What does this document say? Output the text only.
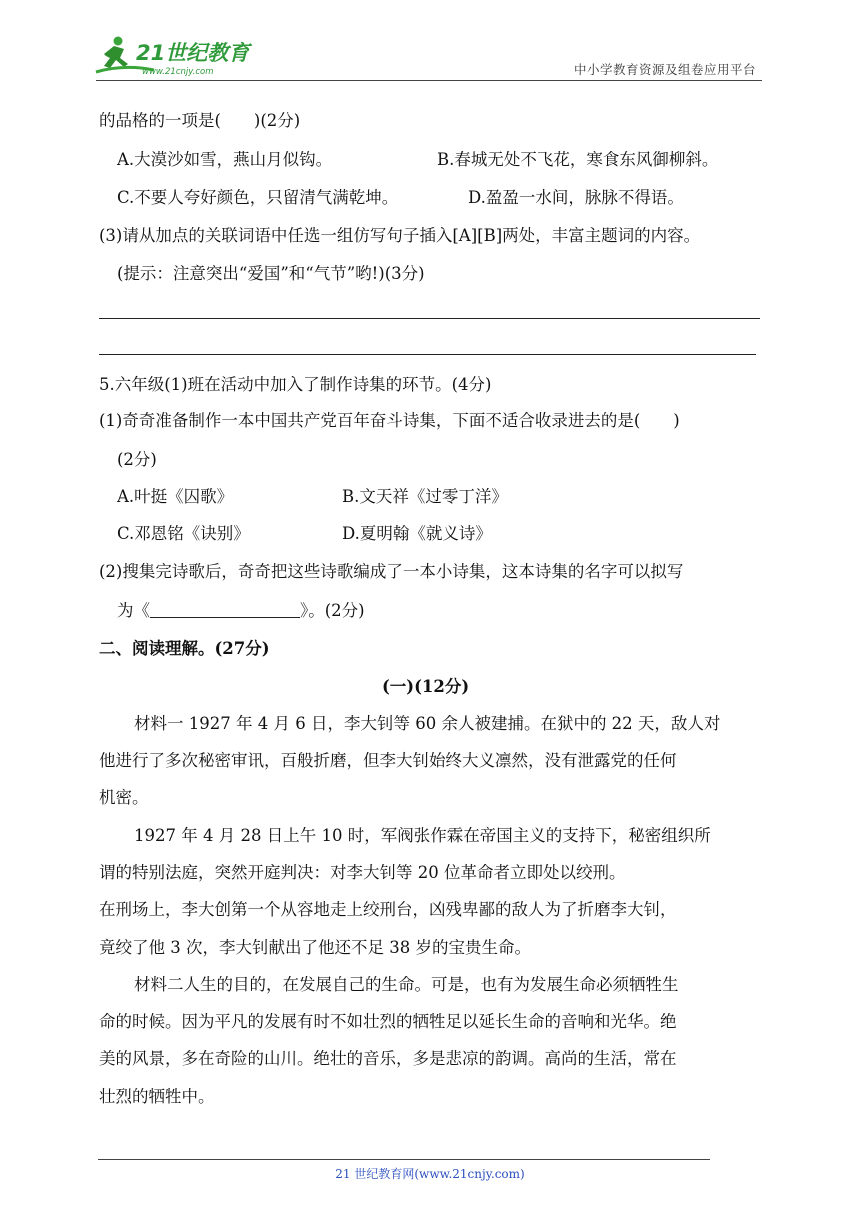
21世纪教育
www.21cnjy.com	中小学教育资源及组卷应用平台
的品格的一项是(　　)(2分)
A.大漠沙如雪，燕山月似钩。	B.春城无处不飞花，寒食东风御柳斜。
C.不要人夸好颜色，只留清气满乾坤。	D.盈盈一水间，脉脉不得语。
(3)请从加点的关联词语中任选一组仿写句子插入[A][B]两处，丰富主题词的内容。
(提示：注意突出“爱国”和“气节”哟!)(3分)
5.六年级(1)班在活动中加入了制作诗集的环节。(4分)
(1)奇奇准备制作一本中国共产党百年奋斗诗集，下面不适合收录进去的是(　　)
(2分)
A.叶挺《囚歌》	B.文天祥《过零丁洋》
C.邓恩铭《诀别》	D.夏明翰《就义诗》
(2)搜集完诗歌后，奇奇把这些诗歌编成了一本小诗集，这本诗集的名字可以拟写
为《	》。(2分)
二、阅读理解。(27分)
(一)(12分)
材料一 1927 年 4 月 6 日，李大钊等 60 余人被建捕。在狱中的 22 天，敌人对
他进行了多次秘密审讯，百般折磨，但李大钊始终大义凛然，没有泄露党的任何
机密。
1927 年 4 月 28 日上午 10 时，军阀张作霖在帝国主义的支持下，秘密组织所
谓的特别法庭，突然开庭判决：对李大钊等 20 位革命者立即处以绞刑。
在刑场上，李大创第一个从容地走上绞刑台，凶残卑鄙的敌人为了折磨李大钊，
竟绞了他 3 次，李大钊献出了他还不足 38 岁的宝贵生命。
材料二人生的目的，在发展自己的生命。可是，也有为发展生命必须牺牲生
命的时候。因为平凡的发展有时不如壮烈的牺牲足以延长生命的音响和光华。绝
美的风景，多在奇险的山川。绝壮的音乐，多是悲凉的韵调。高尚的生活，常在
壮烈的牺牲中。
21 世纪教育网(www.21cnjy.com)
